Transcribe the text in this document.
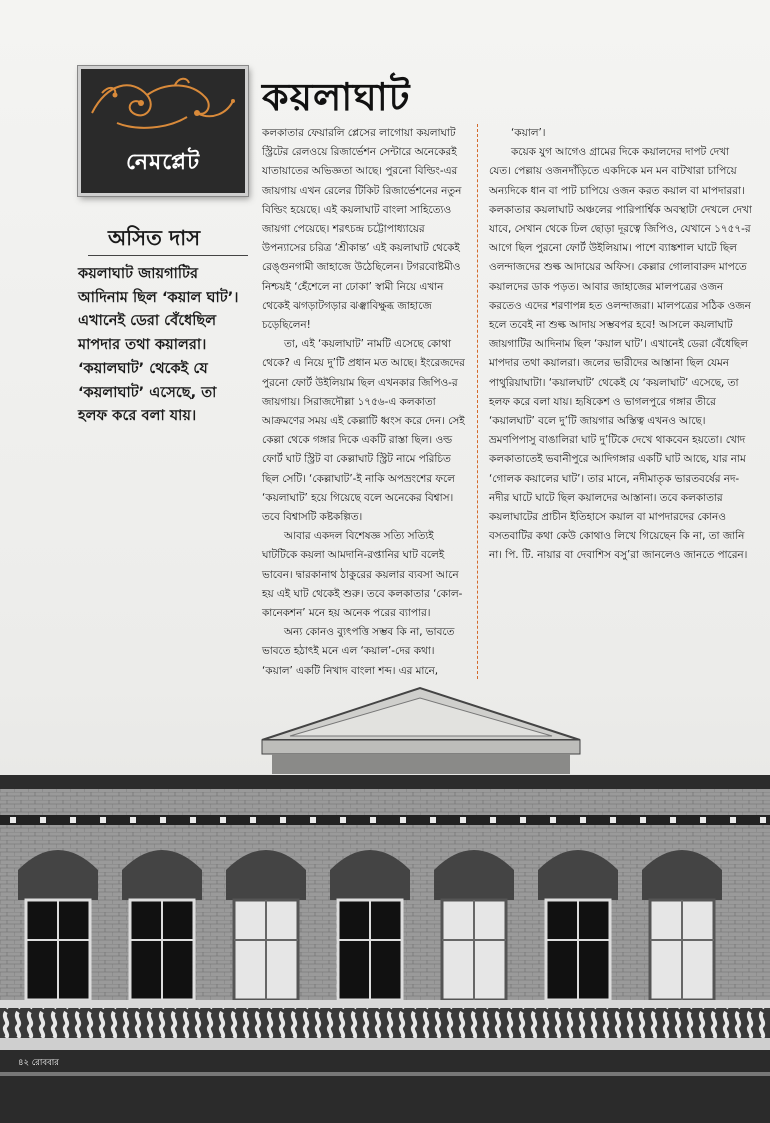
নেমপ্লেট
কয়লাঘাট
অসিত দাস
কয়লাঘাট জায়গাটির আদিনাম ছিল ‘কয়াল ঘাট’। এখানেই ডেরা বেঁধেছিল মাপদার তথা কয়ালরা। ‘কয়ালঘাট’ থেকেই যে ‘কয়লাঘাট’ এসেছে, তা হলফ করে বলা যায়।

কলকাতার ফেয়ারলি প্লেসের লাগোয়া কয়লাঘাট স্ট্রিটের রেলওয়ে রিজার্ভেশন সেন্টারে অনেকেরই যাতায়াতের অভিজ্ঞতা আছে। পুরনো বিল্ডিং-এর জায়গায় এখন রেলের টিকিট রিজার্ভেশনের নতুন বিল্ডিং হয়েছে। এই কয়লাঘাট বাংলা সাহিত্যেও জায়গা পেয়েছে। শরৎচন্দ্র চট্টোপাধ্যায়ের উপন্যাসের চরিত্র ‘শ্রীকান্ত’ এই কয়লাঘাট থেকেই রেঙ্গুনগামী জাহাজে উঠেছিলেন। টগরবোষ্টমীও নিশ্চয়ই ‘হেঁশেলে না ঢোকা’ স্বামী নিয়ে এখান থেকেই ঝগড়াটগড়ার ঝঞ্ঝাবিক্ষুব্ধ জাহাজে চড়েছিলেন!

তা, এই ‘কয়লাঘাট’ নামটি এসেছে কোথা থেকে? এ নিয়ে দু’টি প্রধান মত আছে। ইংরেজদের পুরনো ফোর্ট উইলিয়াম ছিল এখনকার জিপিও-র জায়গায়। সিরাজদৌল্লা ১৭৫৬-এ কলকাতা আক্রমণের সময় এই কেল্লাটি ধ্বংস করে দেন। সেই কেল্লা থেকে গঙ্গার দিকে একটি রাস্তা ছিল। ওল্ড ফোর্ট ঘাট স্ট্রিট বা কেল্লাঘাট স্ট্রিট নামে পরিচিত ছিল সেটি। ‘কেল্লাঘাট’-ই নাকি অপভ্রংশের ফলে ‘কয়লাঘাট’ হয়ে গিয়েছে বলে অনেকের বিশ্বাস। তবে বিশ্বাসটি কষ্টকল্পিত।

আবার একদল বিশেষজ্ঞ সত্যি সত্যিই ঘাটটিকে কয়লা আমদানি-রপ্তানির ঘাট বলেই ভাবেন। দ্বারকানাথ ঠাকুরের কয়লার ব্যবসা আনে হয় এই ঘাট থেকেই শুরু। তবে কলকাতার ‘কোল-কানেকশন’ মনে হয় অনেক পরের ব্যাপার।

অন্য কোনও ব্যুৎপত্তি সম্ভব কি না, ভাবতে ভাবতে হঠাৎই মনে এল ‘কয়াল’-দের কথা। ‘কয়াল’ একটি নিখাদ বাংলা শব্দ। এর মানে,

‘কয়াল’।

কয়েক যুগ আগেও গ্রামের দিকে কয়ালদের দাপট দেখা যেত। পেল্লায় ওজনদাঁড়িতে একদিকে মন মন বাটখারা চাপিয়ে অন্যদিকে ধান বা পাট চাপিয়ে ওজন করত কয়াল বা মাপদাররা। কলকাতার কয়লাঘাট অঞ্চলের পারিপার্শ্বিক অবস্থাটা দেখলে দেখা যাবে, সেখান থেকে ঢিল ছোড়া দূরত্বে জিপিও, যেখানে ১৭৫৭-র আগে ছিল পুরনো ফোর্ট উইলিয়াম। পাশে ব্যাঙ্কশাল ঘাটে ছিল ওলন্দাজদের শুল্ক আদায়ের অফিস। কেল্লার গোলাবারুদ মাপতে কয়ালদের ডাক পড়ত। আবার জাহাজের মালপত্রের ওজন করতেও এদের শরণাপন্ন হত ওলন্দাজরা। মালপত্রের সঠিক ওজন হলে তবেই না শুল্ক আদায় সম্ভবপর হবে! আসলে কয়লাঘাট জায়গাটির আদিনাম ছিল ‘কয়াল ঘাট’। এখানেই ডেরা বেঁধেছিল মাপদার তথা কয়ালরা। জলের ভারীদের আস্তানা ছিল যেমন পাথুরিয়াঘাটা। ‘কয়ালঘাট’ থেকেই যে ‘কয়লাঘাট’ এসেছে, তা হলফ করে বলা যায়। হৃষিকেশ ও ভাগলপুরে গঙ্গার তীরে ‘কয়ালঘাট’ বলে দু’টি জায়গার অস্তিত্ব এখনও আছে। ভ্রমণপিপাসু বাঙালিরা ঘাট দু’টিকে দেখে থাকবেন হয়তো। খোদ কলকাতাতেই ভবানীপুরে আদিগঙ্গার একটি ঘাট আছে, যার নাম ‘গোলক কয়ালের ঘাট’। তার মানে, নদীমাতৃক ভারতবর্ষের নদ-নদীর ঘাটে ঘাটে ছিল কয়ালদের আস্তানা। তবে কলকাতার কয়লাঘাটের প্রাচীন ইতিহাসে কয়াল বা মাপদারদের কোনও বসতবাটির কথা কেউ কোথাও লিখে গিয়েছেন কি না, তা জানি না। পি. টি. নায়ার বা দেবাশিস বসু’রা জানলেও জানতে পারেন।

৪২ রোববার
